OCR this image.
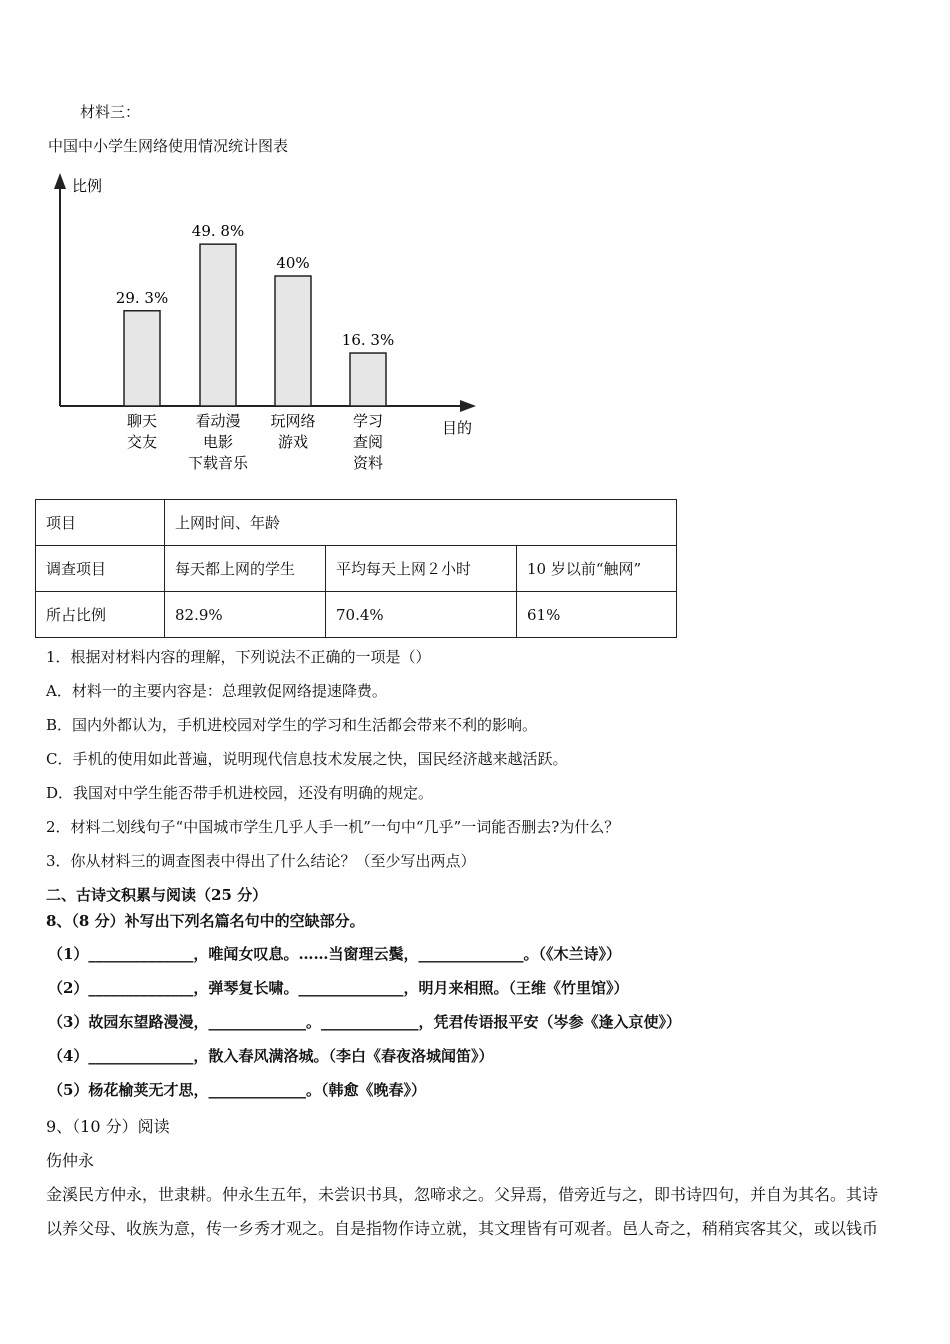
材料三：
中国中小学生网络使用情况统计图表
比例
目的
29. 3%
聊天
交友
49. 8%
看动漫
电影
下载音乐
40%
玩网络
游戏
16. 3%
学习
查阅
资料
项目	上网时间、年龄		
调查项目	每天都上网的学生	平均每天上网２小时	10 岁以前“触网”
所占比例	82.9%	70.4%	61%
1．根据对材料内容的理解，下列说法不正确的一项是（）
A．材料一的主要内容是：总理敦促网络提速降费。
B．国内外都认为，手机进校园对学生的学习和生活都会带来不利的影响。
C．手机的使用如此普遍，说明现代信息技术发展之快，国民经济越来越活跃。
D．我国对中学生能否带手机进校园，还没有明确的规定。
2．材料二划线句子“中国城市学生几乎人手一机”一句中“几乎”一词能否删去?为什么？
3．你从材料三的调查图表中得出了什么结论？（至少写出两点）
二、古诗文积累与阅读（25 分）
8、（8 分）补写出下列名篇名句中的空缺部分。
（1）______________，唯闻女叹息。……当窗理云鬓，______________。（《木兰诗》）
（2）______________，弹琴复长啸。______________，明月来相照。（王维《竹里馆》）
（3）故园东望路漫漫，_____________。_____________，凭君传语报平安（岑参《逢入京使》）
（4）______________，散入春风满洛城。（李白《春夜洛城闻笛》）
（5）杨花榆荚无才思，_____________。（韩愈《晚春》）
9、（10 分）阅读
伤仲永
金溪民方仲永，世隶耕。仲永生五年，未尝识书具，忽啼求之。父异焉，借旁近与之，即书诗四句，并自为其名。其诗
以养父母、收族为意，传一乡秀才观之。自是指物作诗立就，其文理皆有可观者。邑人奇之，稍稍宾客其父，或以钱币
